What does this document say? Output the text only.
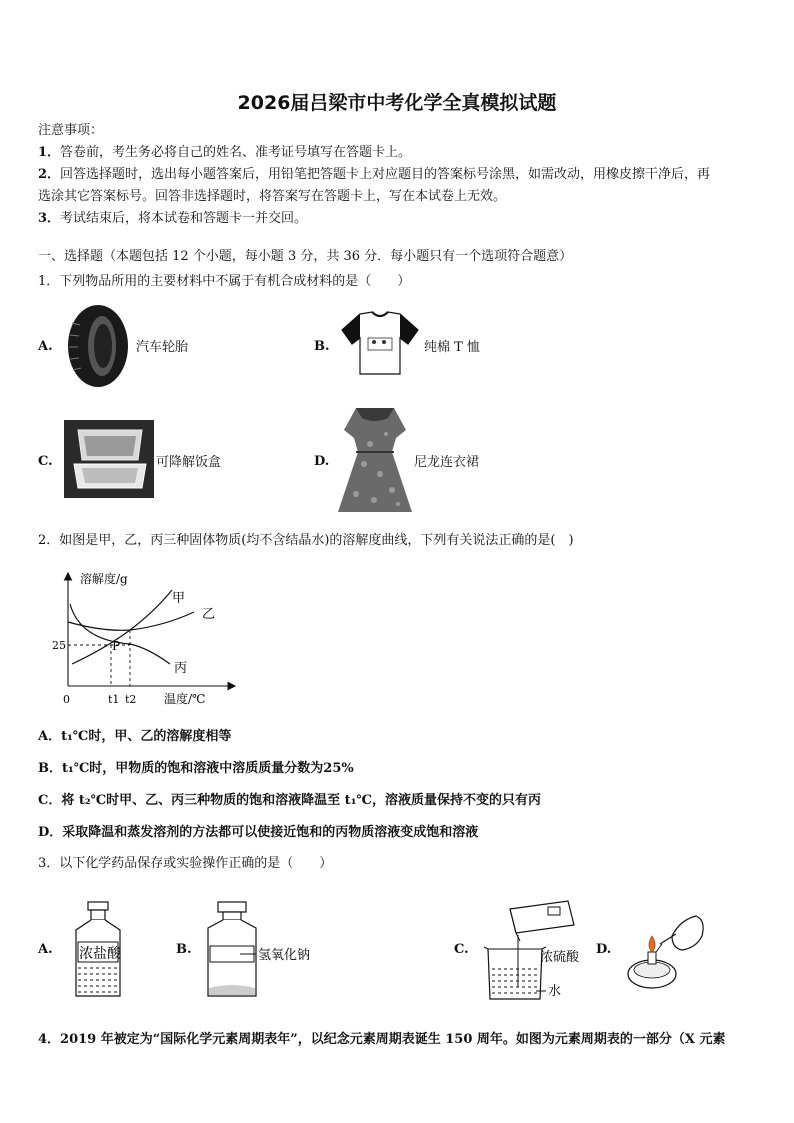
2026届吕梁市中考化学全真模拟试题
注意事项：
1．答卷前，考生务必将自己的姓名、准考证号填写在答题卡上。
2．回答选择题时，选出每小题答案后，用铅笔把答题卡上对应题目的答案标号涂黑，如需改动，用橡皮擦干净后，再
选涂其它答案标号。回答非选择题时，将答案写在答题卡上，写在本试卷上无效。
3．考试结束后，将本试卷和答题卡一并交回。
一、选择题（本题包括 12 个小题，每小题 3 分，共 36 分．每小题只有一个选项符合题意）
1．下列物品所用的主要材料中不属于有机合成材料的是（　　）
A.	汽车轮胎	B.	纯棉 T 恤
C.	可降解饭盒	D.	尼龙连衣裙
2．如图是甲，乙，丙三种固体物质(均不含结晶水)的溶解度曲线，下列有关说法正确的是(　)
溶解度/g
温度/℃
0
25
t1 t2
P
甲
乙
丙
A．t₁℃时，甲、乙的溶解度相等
B．t₁℃时，甲物质的饱和溶液中溶质质量分数为25%
C．将 t₂℃时甲、乙、丙三种物质的饱和溶液降温至 t₁℃，溶液质量保持不变的只有丙
D．采取降温和蒸发溶剂的方法都可以使接近饱和的丙物质溶液变成饱和溶液
3．以下化学药品保存或实验操作正确的是（　　）
A. 浓盐酸	B.	氢氧化钠	C.
浓硫酸
水
D.
4．2019 年被定为“国际化学元素周期表年”，以纪念元素周期表诞生 150 周年。如图为元素周期表的一部分（X 元素
